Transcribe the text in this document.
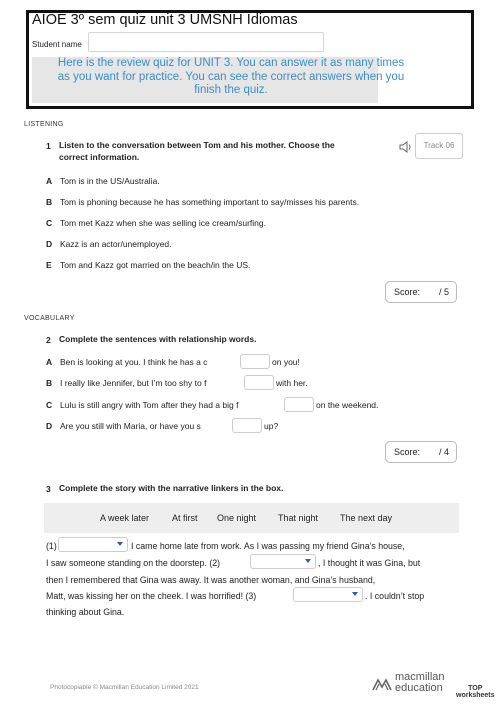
AIOE 3º sem quiz unit 3 UMSNH Idiomas
Student name
Here is the review quiz for UNIT 3. You can answer it as many times
as you want for practice. You can see the correct answers when you
finish the quiz.
LISTENING
1 Listen to the conversation between Tom and his mother. Choose the
correct information.
Track 06
A Tom is in the US/Australia.
B Tom is phoning because he has something important to say/misses his parents.
C Tom met Kazz when she was selling ice cream/surfing.
D Kazz is an actor/unemployed.
E Tom and Kazz got married on the beach/in the US.
Score: / 5
VOCABULARY
2 Complete the sentences with relationship words.
A Ben is looking at you. I think he has a c	on you!
B I really like Jennifer, but I’m too shy to f	with her.
C Lulu is still angry with Tom after they had a big f	on the weekend.
D Are you still with Maria, or have you s	up?
Score: / 4
3 Complete the story with the narrative linkers in the box.
A week later	At first One night That night The next day
(1)	I came home late from work. As I was passing my friend Gina’s house,
I saw someone standing on the doorstep. (2)	, I thought it was Gina, but
then I remembered that Gina was away. It was another woman, and Gina’s husband,
Matt, was kissing her on the cheek. I was horrified! (3)	. I couldn’t stop
thinking about Gina.
Photocopiable © Macmillan Education Limited 2021
macmillan
education	TOP
worksheets
